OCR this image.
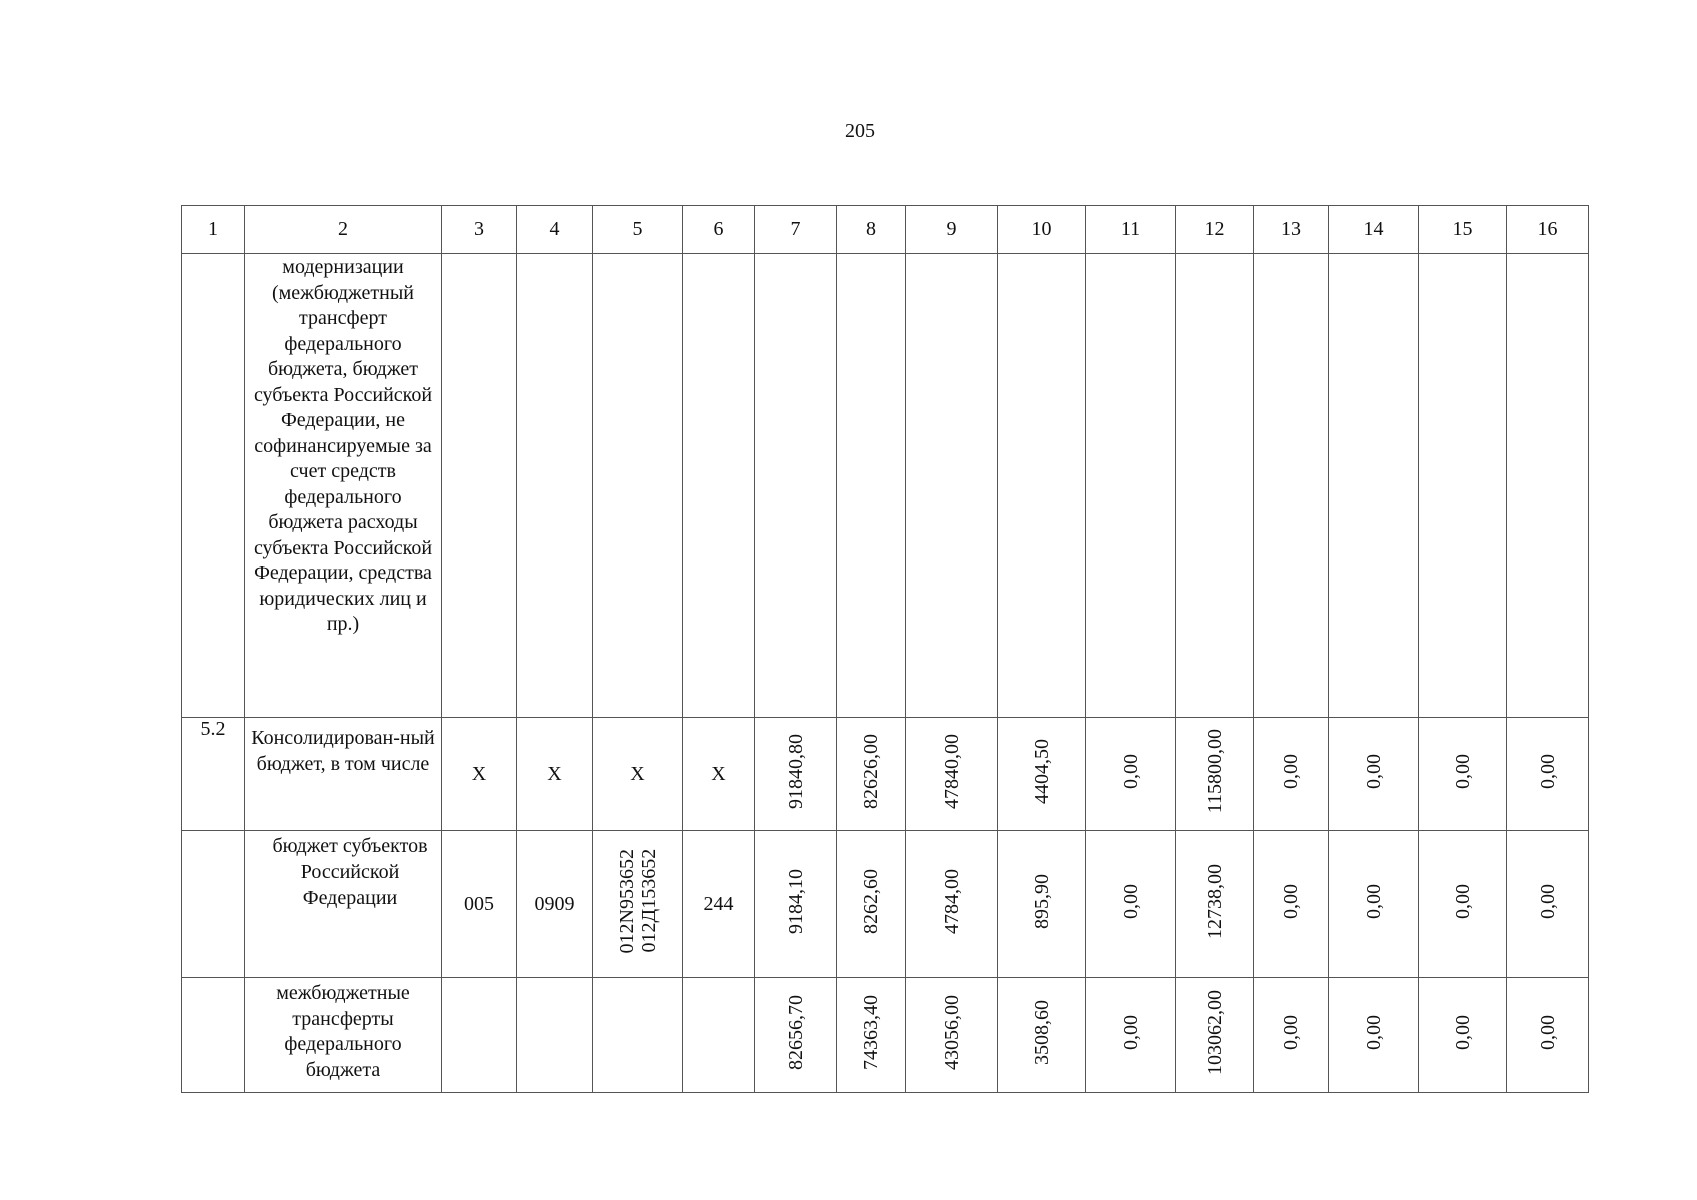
205
1	2	3	4	5	6	7	8	9	10	11	12	13	14	15	16
	модернизации (межбюджетный трансферт федерального бюджета, бюджет субъекта Российской Федерации, не софинансируемые за счет средств федерального бюджета расходы субъекта Российской Федерации, средства юридических лиц и пр.)														
5.2	Консолидирован-ный бюджет, в том числе	Х	Х	Х	Х	91840,80	82626,00	47840,00	4404,50	0,00	115800,00	0,00	0,00	0,00	0,00
	бюджет субъектов Российской Федерации	005	0909	012N953652
012Д153652	244	9184,10	8262,60	4784,00	895,90	0,00	12738,00	0,00	0,00	0,00	0,00
	межбюджетные трансферты федерального бюджета					82656,70	74363,40	43056,00	3508,60	0,00	103062,00	0,00	0,00	0,00	0,00
